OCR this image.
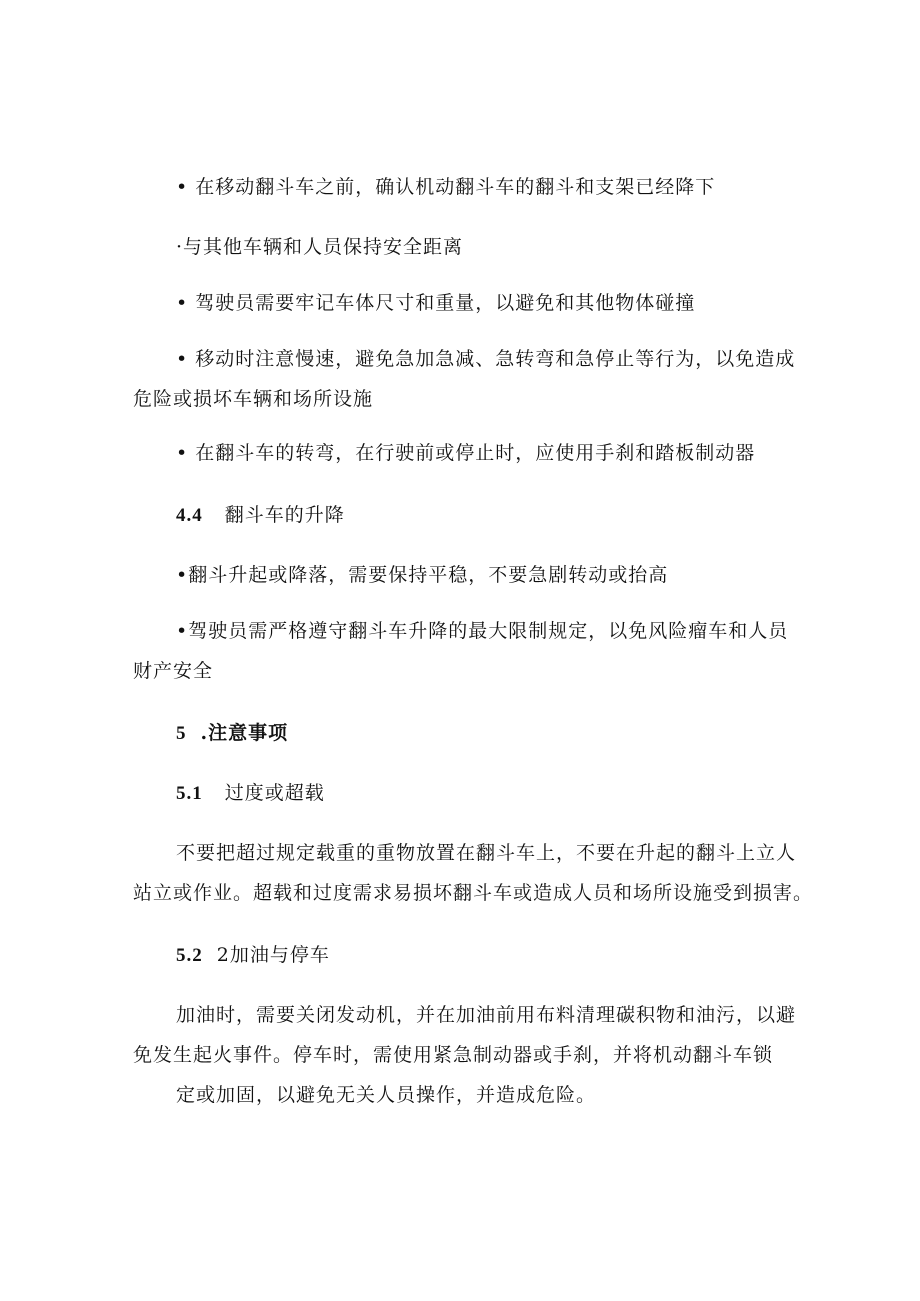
• 在移动翻斗车之前，确认机动翻斗车的翻斗和支架已经降下
·与其他车辆和人员保持安全距离
• 驾驶员需要牢记车体尺寸和重量，以避免和其他物体碰撞
• 移动时注意慢速，避免急加急减、急转弯和急停止等行为，以免造成
危险或损坏车辆和场所设施
• 在翻斗车的转弯，在行驶前或停止时，应使用手刹和踏板制动器
4.4 翻斗车的升降
•翻斗升起或降落，需要保持平稳，不要急剧转动或抬高
•驾驶员需严格遵守翻斗车升降的最大限制规定，以免风险瘤车和人员
财产安全
5 .注意事项
5.1 过度或超载
不要把超过规定载重的重物放置在翻斗车上，不要在升起的翻斗上立人
站立或作业。超载和过度需求易损坏翻斗车或造成人员和场所设施受到损害。
5.2 2加油与停车
加油时，需要关闭发动机，并在加油前用布料清理碳积物和油污，以避
免发生起火事件。停车时，需使用紧急制动器或手刹，并将机动翻斗车锁
定或加固，以避免无关人员操作，并造成危险。
